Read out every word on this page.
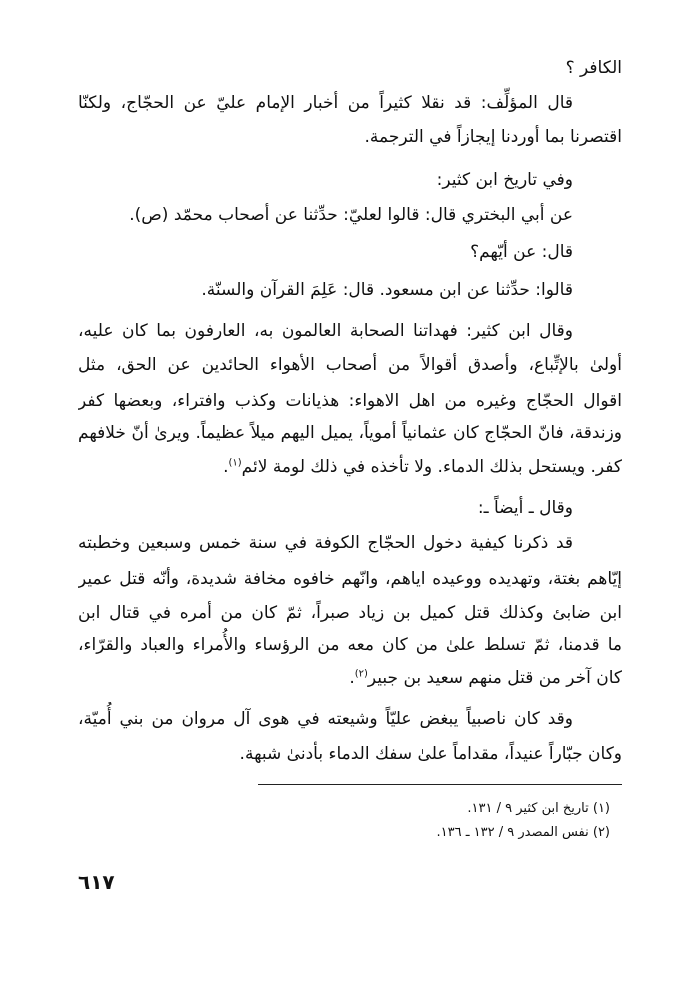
الكافر ؟
قال المؤلِّف: قد نقلا كثيراً من أخبار الإمام عليّ عن الحجّاج، ولكنّا
اقتصرنا بما أوردنا إيجازاً في الترجمة.
وفي تاريخ ابن كثير:
عن أبي البختري قال: قالوا لعليّ: حدِّثنا عن أصحاب محمّد (ص).
قال: عن أيّهم؟
قالوا: حدِّثنا عن ابن مسعود. قال: عَلِمَ القرآن والسنّة.
وقال ابن كثير: فهداتنا الصحابة العالمون به، العارفون بما كان عليه،
أولىٰ بالإتِّباع، وأصدق أقوالاً من أصحاب الأهواء الحائدين عن الحق، مثل
اقوال الحجّاج وغيره من اهل الاهواء: هذيانات وكذب وافتراء، وبعضها كفر
وزندقة، فانّ الحجّاج كان عثمانياً أموياً، يميل اليهم ميلاً عظيماً. ويرىٰ أنّ خلافهم
كفر. ويستحل بذلك الدماء. ولا تأخذه في ذلك لومة لائم$^{(١)}$.
وقال ـ أيضاً ـ:
قد ذكرنا كيفية دخول الحجّاج الكوفة في سنة خمس وسبعين وخطبته
إيّاهم بغتة، وتهديده ووعيده اياهم، وانّهم خافوه مخافة شديدة، وأنّه قتل عمير
ابن ضابئ وكذلك قتل كميل بن زياد صبراً، ثمّ كان من أمره في قتال ابن
ما قدمنا، ثمّ تسلط علىٰ من كان معه من الرؤساء والأُمراء والعباد والقرّاء،
كان آخر من قتل منهم سعيد بن جبير$^{(٢)}$.
وقد كان ناصبياً يبغض عليّاً وشيعته في هوى آل مروان من بني أُميّة،
وكان جبّاراً عنيداً، مقداماً علىٰ سفك الدماء بأدنىٰ شبهة.
(١) تاريخ ابن كثير ٩ / ١٣١.
(٢) نفس المصدر ٩ / ١٣٢ ـ ١٣٦.
٦١٧
